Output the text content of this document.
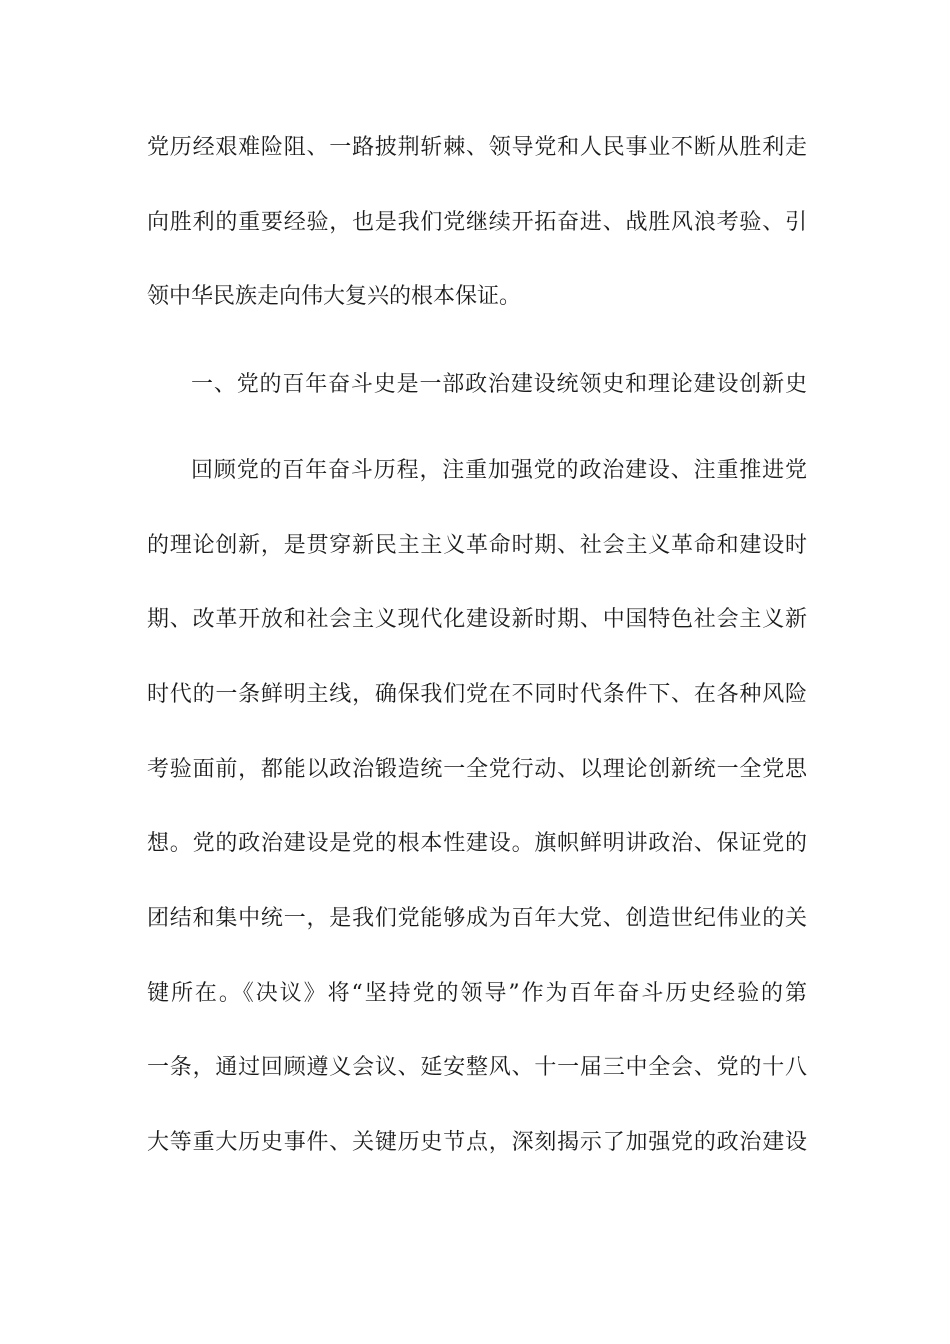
党历经艰难险阻、一路披荆斩棘、领导党和人民事业不断从胜利走
向胜利的重要经验，也是我们党继续开拓奋进、战胜风浪考验、引
领中华民族走向伟大复兴的根本保证。
一、党的百年奋斗史是一部政治建设统领史和理论建设创新史
回顾党的百年奋斗历程，注重加强党的政治建设、注重推进党
的理论创新，是贯穿新民主主义革命时期、社会主义革命和建设时
期、改革开放和社会主义现代化建设新时期、中国特色社会主义新
时代的一条鲜明主线，确保我们党在不同时代条件下、在各种风险
考验面前，都能以政治锻造统一全党行动、以理论创新统一全党思
想。党的政治建设是党的根本性建设。旗帜鲜明讲政治、保证党的
团结和集中统一，是我们党能够成为百年大党、创造世纪伟业的关
键所在。《决议》将“坚持党的领导”作为百年奋斗历史经验的第
一条，通过回顾遵义会议、延安整风、十一届三中全会、党的十八
大等重大历史事件、关键历史节点，深刻揭示了加强党的政治建设
